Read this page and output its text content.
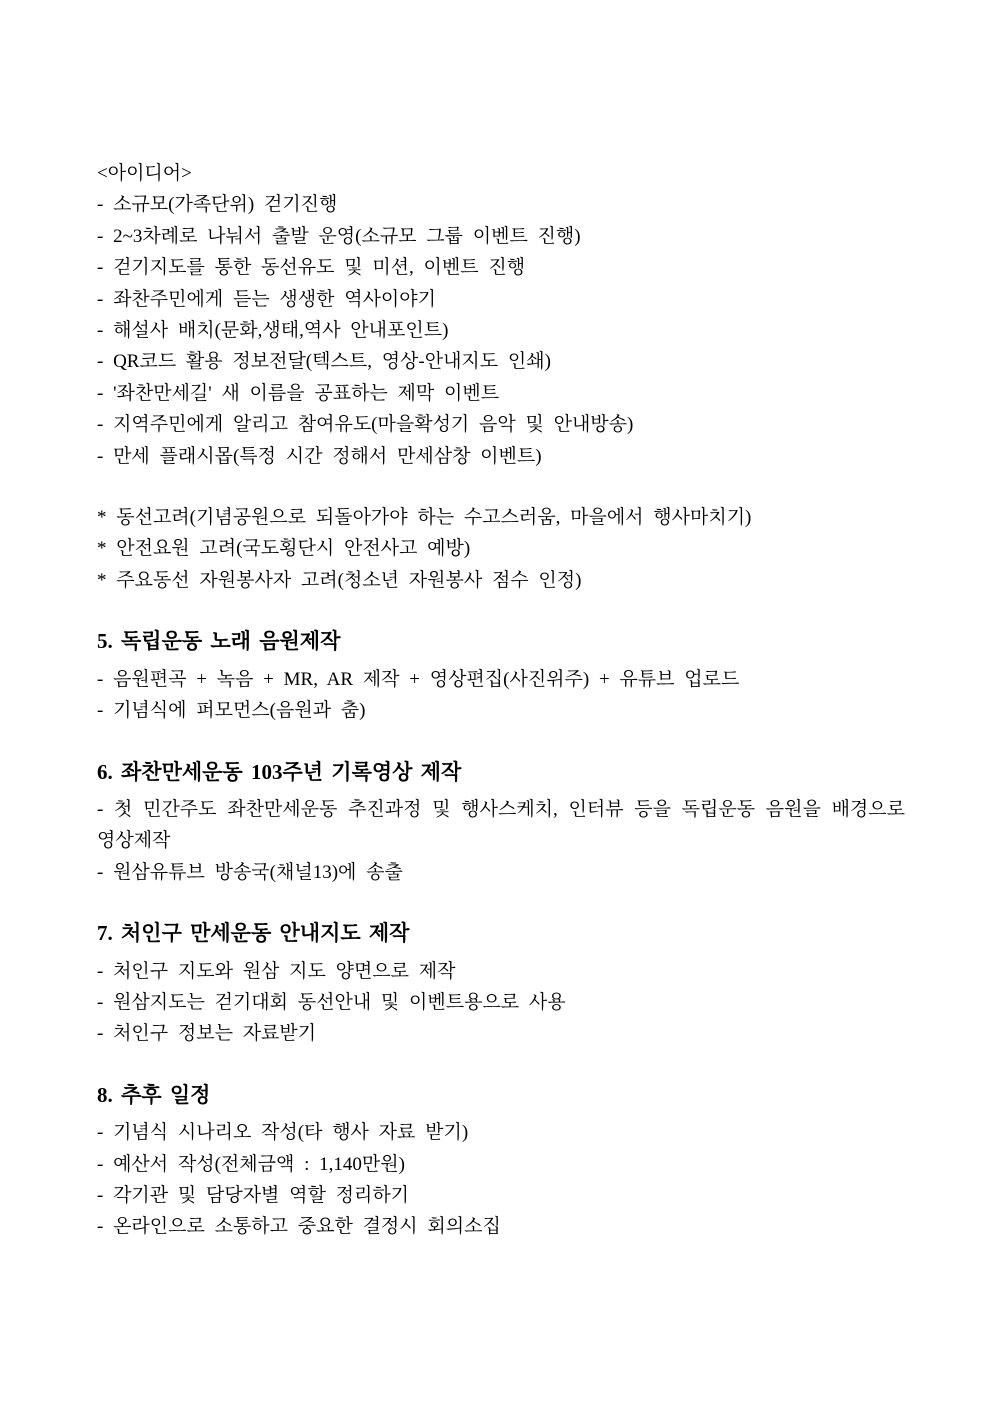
<아이디어>

- 소규모(가족단위) 걷기진행

- 2~3차례로 나눠서 출발 운영(소규모 그룹 이벤트 진행)

- 걷기지도를 통한 동선유도 및 미션, 이벤트 진행

- 좌찬주민에게 듣는 생생한 역사이야기

- 해설사 배치(문화,생태,역사 안내포인트)

- QR코드 활용 정보전달(텍스트, 영상-안내지도 인쇄)

- '좌찬만세길' 새 이름을 공표하는 제막 이벤트

- 지역주민에게 알리고 참여유도(마을확성기 음악 및 안내방송)

- 만세 플래시몹(특정 시간 정해서 만세삼창 이벤트)

* 동선고려(기념공원으로 되돌아가야 하는 수고스러움, 마을에서 행사마치기)

* 안전요원 고려(국도횡단시 안전사고 예방)

* 주요동선 자원봉사자 고려(청소년 자원봉사 점수 인정)

5. 독립운동 노래 음원제작

- 음원편곡 + 녹음 + MR, AR 제작 + 영상편집(사진위주) + 유튜브 업로드

- 기념식에 퍼모먼스(음원과 춤)

6. 좌찬만세운동 103주년 기록영상 제작

- 첫 민간주도 좌찬만세운동 추진과정 및 행사스케치, 인터뷰 등을 독립운동 음원을 배경으로 영상제작

- 원삼유튜브 방송국(채널13)에 송출

7. 처인구 만세운동 안내지도 제작

- 처인구 지도와 원삼 지도 양면으로 제작

- 원삼지도는 걷기대회 동선안내 및 이벤트용으로 사용

- 처인구 정보는 자료받기

8. 추후 일정

- 기념식 시나리오 작성(타 행사 자료 받기)

- 예산서 작성(전체금액 : 1,140만원)

- 각기관 및 담당자별 역할 정리하기

- 온라인으로 소통하고 중요한 결정시 회의소집
